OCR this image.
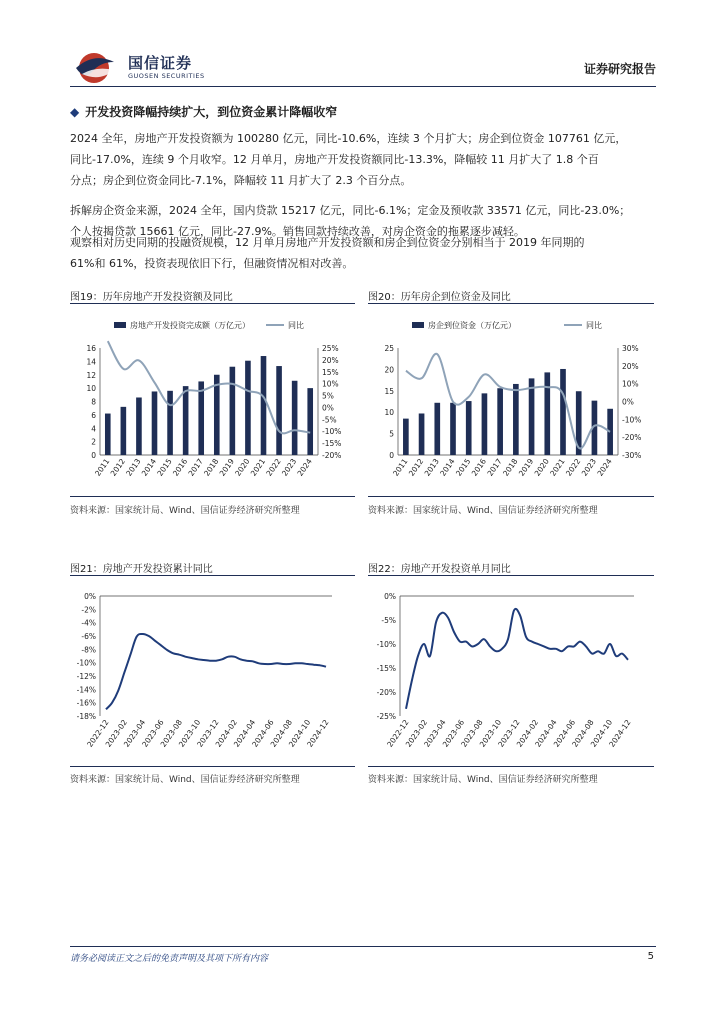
国信证券
GUOSEN SECURITIES	证券研究报告
◆ 开发投资降幅持续扩大，到位资金累计降幅收窄
2024 全年，房地产开发投资额为 100280 亿元，同比-10.6%，连续 3 个月扩大；房企到位资金 107761 亿元，
同比-17.0%，连续 9 个月收窄。12 月单月，房地产开发投资额同比-13.3%，降幅较 11 月扩大了 1.8 个百
分点；房企到位资金同比-7.1%，降幅较 11 月扩大了 2.3 个百分点。
拆解房企资金来源，2024 全年，国内贷款 15217 亿元，同比-6.1%；定金及预收款 33571 亿元，同比-23.0%；
个人按揭贷款 15661 亿元，同比-27.9%。销售回款持续改善，对房企资金的拖累逐步减轻。
观察相对历史同期的投融资规模，12 月单月房地产开发投资额和房企到位资金分别相当于 2019 年同期的
61%和 61%，投资表现依旧下行，但融资情况相对改善。
图19：历年房地产开发投资额及同比
房地产开发投资完成额（万亿元）	同比
0
2
4
6
8
10
12
14
16
-20%
-15%
-10%
-5%
0%
5%
10%
15%
20%
25%
2011
2012
2013
2014
2015
2016
2017
2018
2019
2020
2021
2022
2023
2024
资料来源：国家统计局、Wind、国信证券经济研究所整理
图20：历年房企到位资金及同比
房企到位资金（万亿元）	同比
0
5
10
15
20
25
-30%
-20%
-10%
0%
10%
20%
30%
2011
2012
2013
2014
2015
2016
2017
2018
2019
2020
2021
2022
2023
2024
资料来源：国家统计局、Wind、国信证券经济研究所整理
图21：房地产开发投资累计同比
-18%
-16%
-14%
-12%
-10%
-8%
-6%
-4%
-2%
0%
2022-12
2023-02
2023-04
2023-06
2023-08
2023-10
2023-12
2024-02
2024-04
2024-06
2024-08
2024-10
2024-12
资料来源：国家统计局、Wind、国信证券经济研究所整理
图22：房地产开发投资单月同比
-25%
-20%
-15%
-10%
-5%
0%
2022-12
2023-02
2023-04
2023-06
2023-08
2023-10
2023-12
2024-02
2024-04
2024-06
2024-08
2024-10
2024-12
资料来源：国家统计局、Wind、国信证券经济研究所整理
请务必阅读正文之后的免责声明及其项下所有内容	5
